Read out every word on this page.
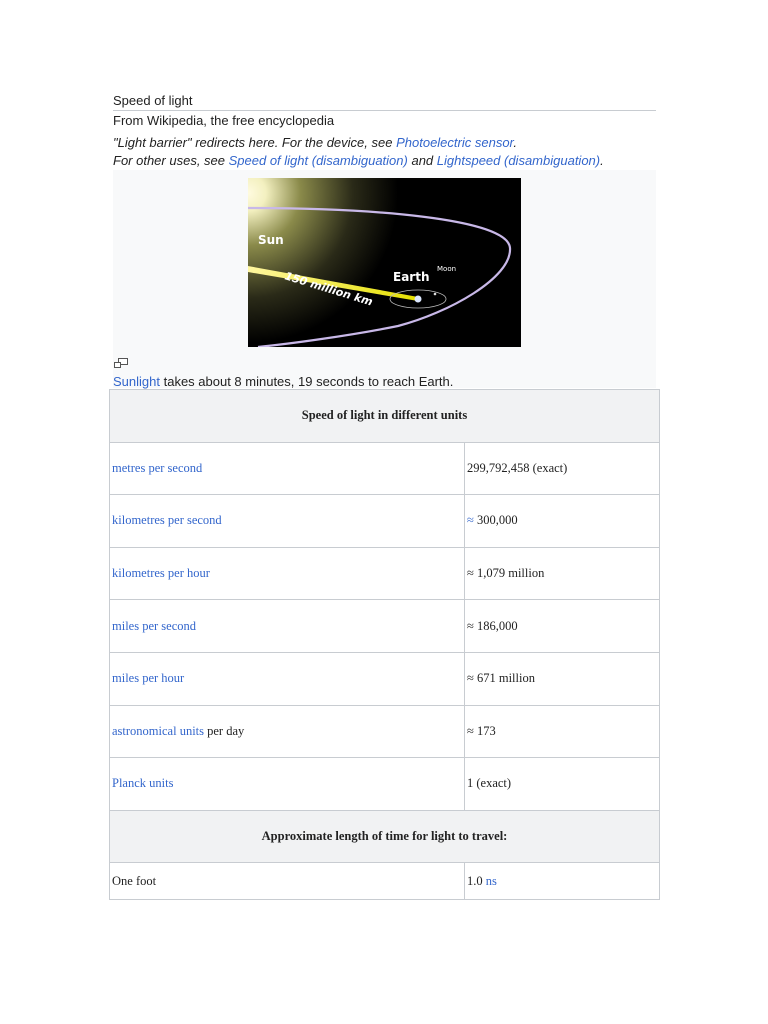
Speed of light
From Wikipedia, the free encyclopedia
"Light barrier" redirects here. For the device, see Photoelectric sensor.
For other uses, see Speed of light (disambiguation) and Lightspeed (disambiguation).
Sun
Earth
Moon
150 million km
Sunlight takes about 8 minutes, 19 seconds to reach Earth.
Speed of light in different units	
metres per second	299,792,458 (exact)
kilometres per second	≈ 300,000
kilometres per hour	≈ 1,079 million
miles per second	≈ 186,000
miles per hour	≈ 671 million
astronomical units per day	≈ 173
Planck units	1 (exact)
Approximate length of time for light to travel:	
One foot	1.0 ns
